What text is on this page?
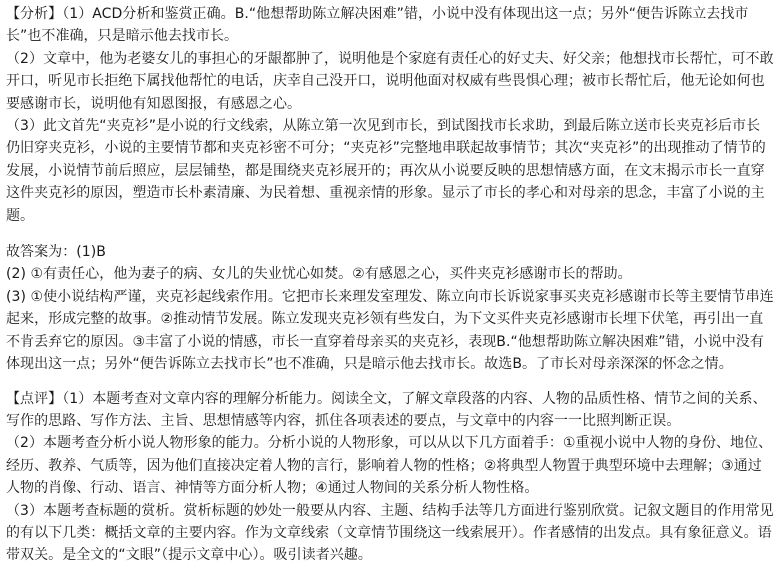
【分析】（1）ACD分析和鉴赏正确。B.“他想帮助陈立解决困难”错，小说中没有体现出这一点；另外“便告诉陈立去找市长”也不准确，只是暗示他去找市长。

（2）文章中，他为老婆女儿的事担心的牙龈都肿了，说明他是个家庭有责任心的好丈夫、好父亲；他想找市长帮忙，可不敢开口，听见市长拒绝下属找他帮忙的电话，庆幸自己没开口，说明他面对权威有些畏惧心理；被市长帮忙后，他无论如何也要感谢市长，说明他有知恩图报，有感恩之心。

（3）此文首先“夹克衫”是小说的行文线索，从陈立第一次见到市长，到试图找市长求助，到最后陈立送市长夹克衫后市长仍旧穿夹克衫，小说的主要情节都和夹克衫密不可分；“夹克衫”完整地串联起故事情节；其次“夹克衫”的出现推动了情节的发展，小说情节前后照应，层层铺垫，都是围绕夹克衫展开的；再次从小说要反映的思想情感方面，在文末揭示市长一直穿这件夹克衫的原因，塑造市长朴素清廉、为民着想、重视亲情的形象。显示了市长的孝心和对母亲的思念，丰富了小说的主题。

故答案为：(1)B

(2) ①有责任心，他为妻子的病、女儿的失业忧心如焚。②有感恩之心，买件夹克衫感谢市长的帮助。

(3) ①使小说结构严谨，夹克衫起线索作用。它把市长来理发室理发、陈立向市长诉说家事买夹克衫感谢市长等主要情节串连起来，形成完整的故事。②推动情节发展。陈立发现夹克衫领有些发白，为下文买件夹克衫感谢市长埋下伏笔，再引出一直不肯丢弃它的原因。③丰富了小说的情感，市长一直穿着母亲买的夹克衫，表现B.“他想帮助陈立解决困难”错，小说中没有体现出这一点；另外“便告诉陈立去找市长”也不准确，只是暗示他去找市长。故选B。了市长对母亲深深的怀念之情。

【点评】（1）本题考查对文章内容的理解分析能力。阅读全文，了解文章段落的内容、人物的品质性格、情节之间的关系、写作的思路、写作方法、主旨、思想情感等内容，抓住各项表述的要点，与文章中的内容一一比照判断正误。

（2）本题考查分析小说人物形象的能力。分析小说的人物形象，可以从以下几方面着手：①重视小说中人物的身份、地位、经历、教养、气质等，因为他们直接决定着人物的言行，影响着人物的性格；②将典型人物置于典型环境中去理解；③通过人物的肖像、行动、语言、神情等方面分析人物；④通过人物间的关系分析人物性格。

（3）本题考查标题的赏析。赏析标题的妙处一般要从内容、主题、结构手法等几方面进行鉴别欣赏。记叙文题目的作用常见的有以下几类：概括文章的主要内容。作为文章线索（文章情节围绕这一线索展开）。作者感情的出发点。具有象征意义。语带双关。是全文的“文眼”（提示文章中心）。吸引读者兴趣。
